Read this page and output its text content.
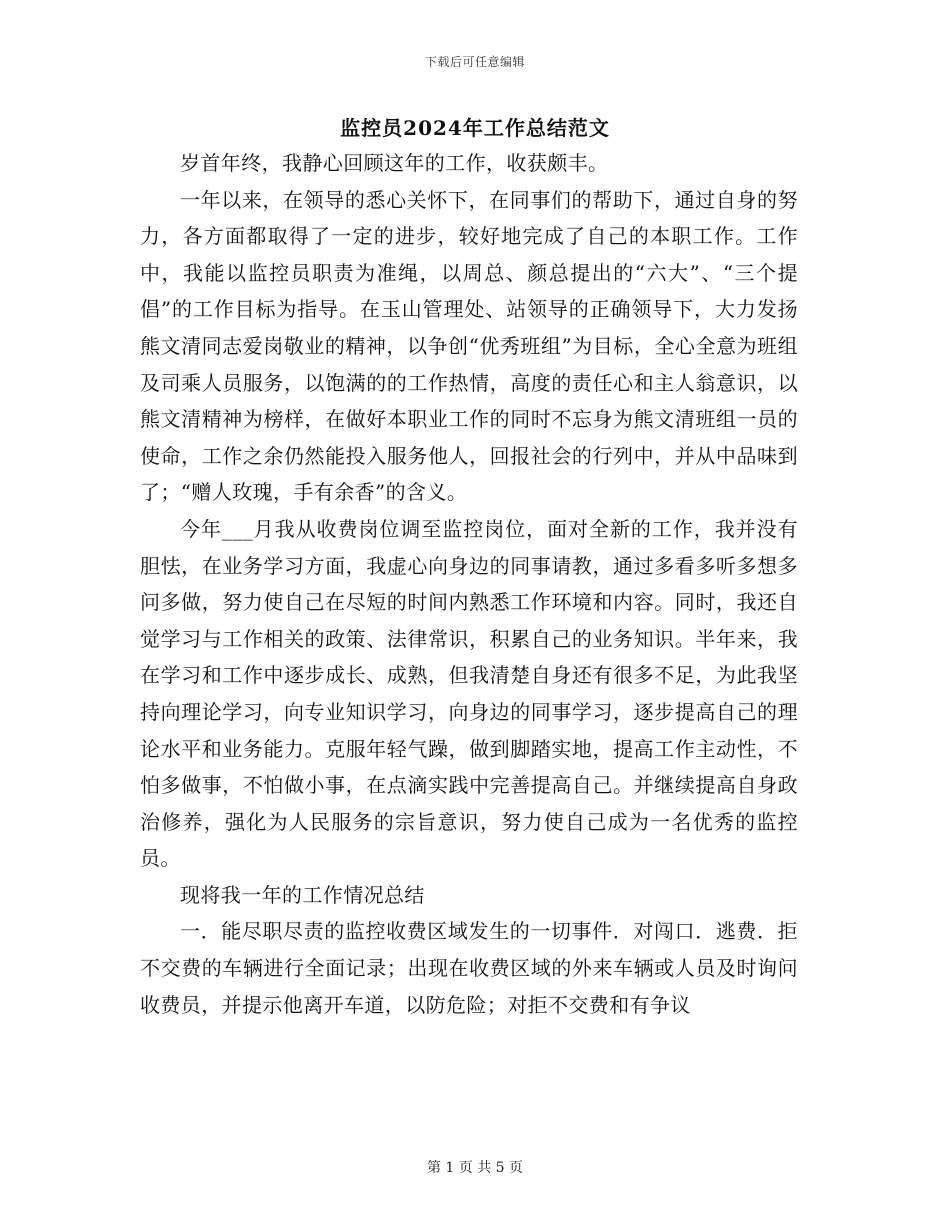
下载后可任意编辑
监控员2024年工作总结范文

岁首年终，我静心回顾这年的工作，收获颇丰。

一年以来，在领导的悉心关怀下，在同事们的帮助下，通过自身的努力，各方面都取得了一定的进步，较好地完成了自己的本职工作。工作中，我能以监控员职责为准绳，以周总、颜总提出的“六大”、“三个提倡”的工作目标为指导。在玉山管理处、站领导的正确领导下，大力发扬熊文清同志爱岗敬业的精神，以争创“优秀班组”为目标，全心全意为班组及司乘人员服务，以饱满的的工作热情，高度的责任心和主人翁意识，以熊文清精神为榜样，在做好本职业工作的同时不忘身为熊文清班组一员的使命，工作之余仍然能投入服务他人，回报社会的行列中，并从中品味到了；“赠人玫瑰，手有余香”的含义。

今年___月我从收费岗位调至监控岗位，面对全新的工作，我并没有胆怯，在业务学习方面，我虚心向身边的同事请教，通过多看多听多想多问多做，努力使自己在尽短的时间内熟悉工作环境和内容。同时，我还自觉学习与工作相关的政策、法律常识，积累自己的业务知识。半年来，我在学习和工作中逐步成长、成熟，但我清楚自身还有很多不足，为此我坚持向理论学习，向专业知识学习，向身边的同事学习，逐步提高自己的理论水平和业务能力。克服年轻气躁，做到脚踏实地，提高工作主动性，不怕多做事，不怕做小事，在点滴实践中完善提高自己。并继续提高自身政治修养，强化为人民服务的宗旨意识，努力使自己成为一名优秀的监控员。

现将我一年的工作情况总结

一．能尽职尽责的监控收费区域发生的一切事件．对闯口．逃费．拒不交费的车辆进行全面记录；出现在收费区域的外来车辆或人员及时询问收费员，并提示他离开车道，以防危险；对拒不交费和有争议

第 1 页 共 5 页
